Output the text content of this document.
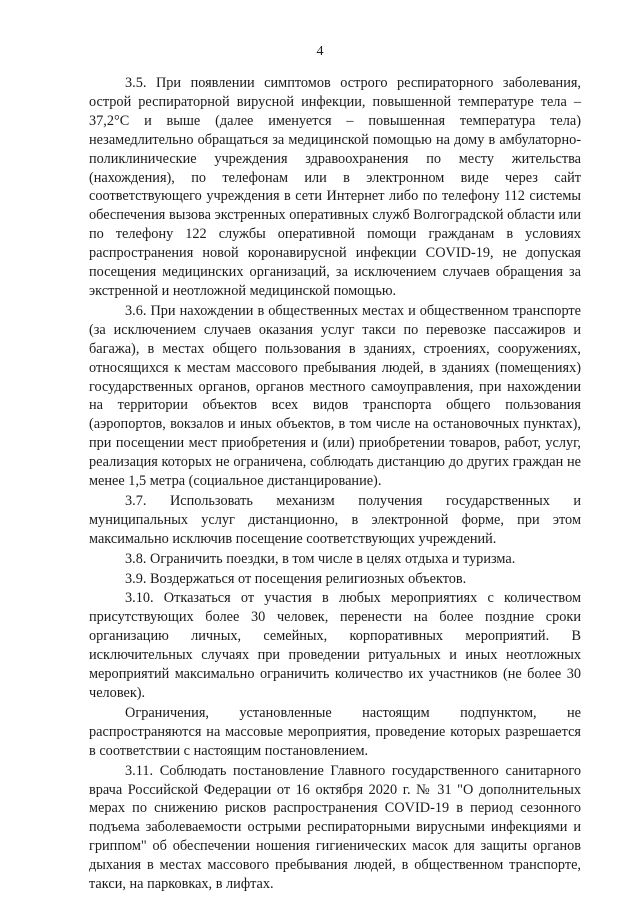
4

3.5. При появлении симптомов острого респираторного заболевания, острой респираторной вирусной инфекции, повышенной температуре тела – 37,2°С и выше (далее именуется – повышенная температура тела) незамедлительно обращаться за медицинской помощью на дому в амбулаторно-поликлинические учреждения здравоохранения по месту жительства (нахождения), по телефонам или в электронном виде через сайт соответствующего учреждения в сети Интернет либо по телефону 112 системы обеспечения вызова экстренных оперативных служб Волгоградской области или по телефону 122 службы оперативной помощи гражданам в условиях распространения новой коронавирусной инфекции COVID-19, не допуская посещения медицинских организаций, за исключением случаев обращения за экстренной и неотложной медицинской помощью.

3.6. При нахождении в общественных местах и общественном транспорте (за исключением случаев оказания услуг такси по перевозке пассажиров и багажа), в местах общего пользования в зданиях, строениях, сооружениях, относящихся к местам массового пребывания людей, в зданиях (помещениях) государственных органов, органов местного самоуправления, при нахождении на территории объектов всех видов транспорта общего пользования (аэропортов, вокзалов и иных объектов, в том числе на остановочных пунктах), при посещении мест приобретения и (или) приобретении товаров, работ, услуг, реализация которых не ограничена, соблюдать дистанцию до других граждан не менее 1,5 метра (социальное дистанцирование).

3.7. Использовать механизм получения государственных и муниципальных услуг дистанционно, в электронной форме, при этом максимально исключив посещение соответствующих учреждений.

3.8. Ограничить поездки, в том числе в целях отдыха и туризма.

3.9. Воздержаться от посещения религиозных объектов.

3.10. Отказаться от участия в любых мероприятиях с количеством присутствующих более 30 человек, перенести на более поздние сроки организацию личных, семейных, корпоративных мероприятий. В исключительных случаях при проведении ритуальных и иных неотложных мероприятий максимально ограничить количество их участников (не более 30 человек).

Ограничения, установленные настоящим подпунктом, не распространяются на массовые мероприятия, проведение которых разрешается в соответствии с настоящим постановлением.

3.11. Соблюдать постановление Главного государственного санитарного врача Российской Федерации от 16 октября 2020 г. № 31 "О дополнительных мерах по снижению рисков распространения COVID-19 в период сезонного подъема заболеваемости острыми респираторными вирусными инфекциями и гриппом" об обеспечении ношения гигиенических масок для защиты органов дыхания в местах массового пребывания людей, в общественном транспорте, такси, на парковках, в лифтах.
